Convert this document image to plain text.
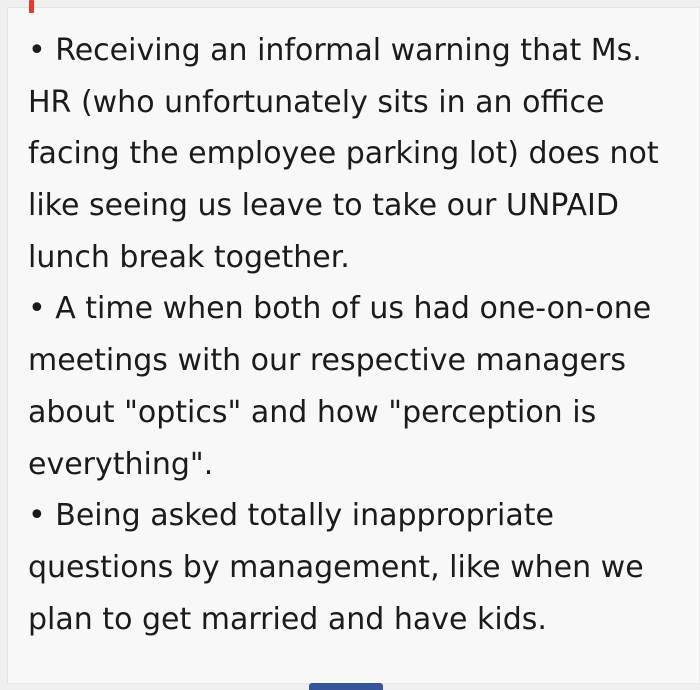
• Receiving an informal warning that Ms.
HR (who unfortunately sits in an office
facing the employee parking lot) does not
like seeing us leave to take our UNPAID
lunch break together.
• A time when both of us had one-on-one
meetings with our respective managers
about "optics" and how "perception is
everything".
• Being asked totally inappropriate
questions by management, like when we
plan to get married and have kids.
